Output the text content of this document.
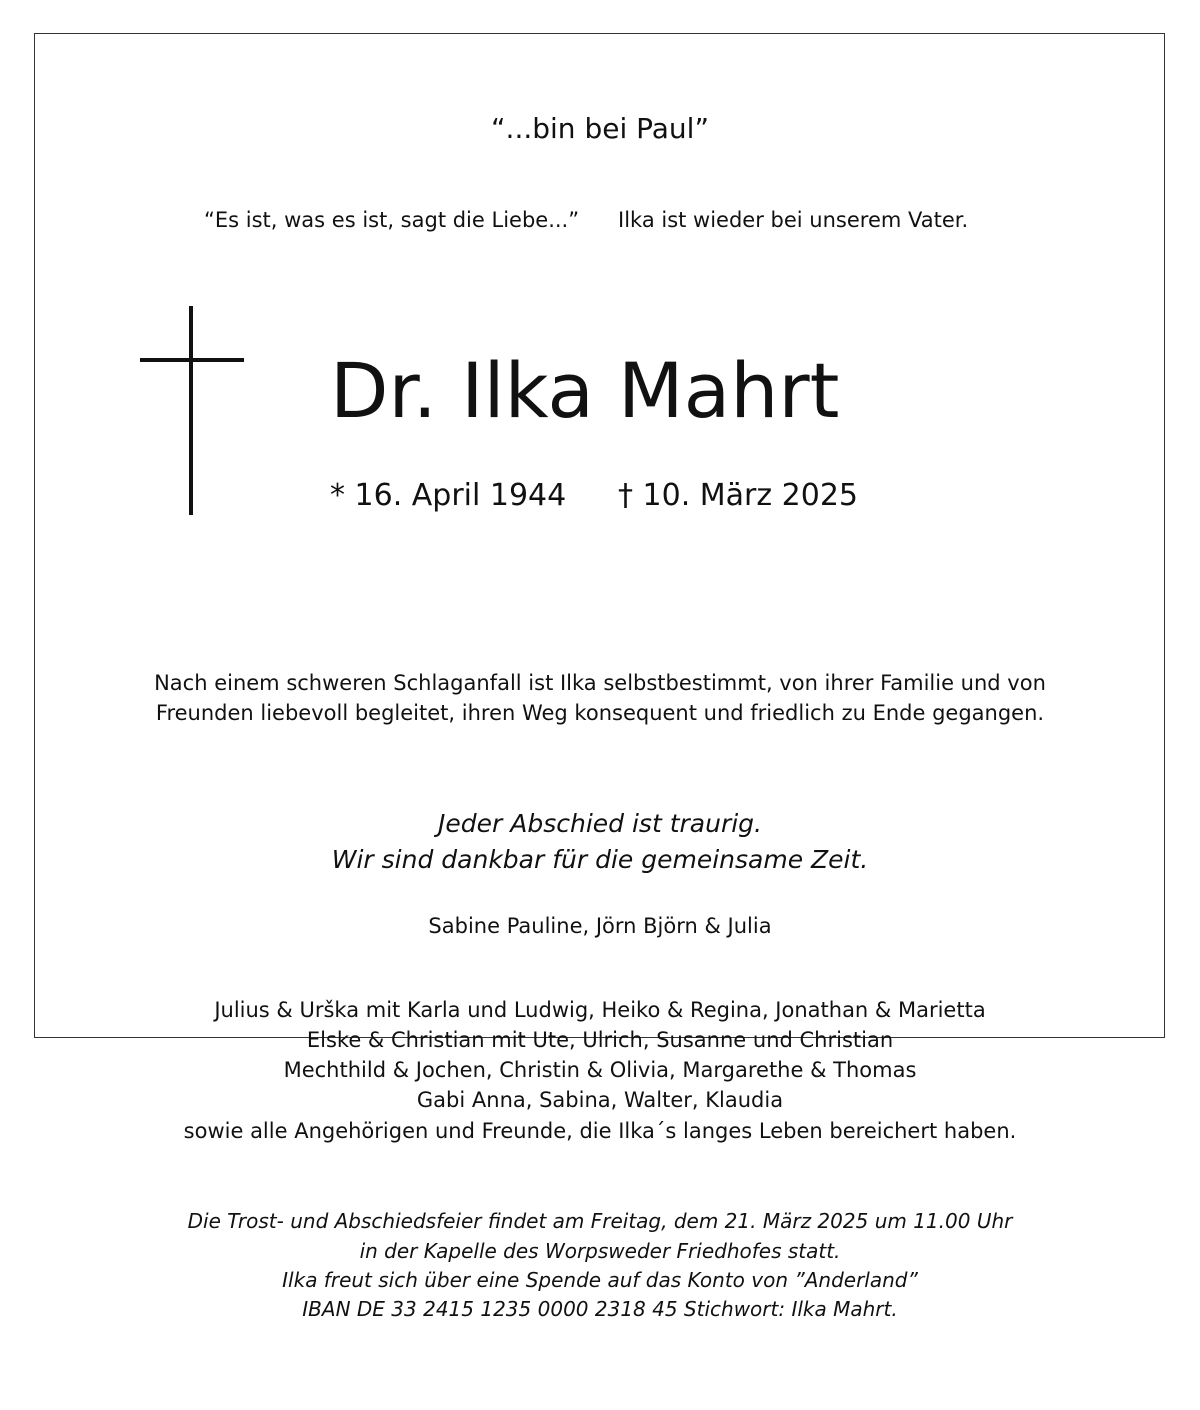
“...bin bei Paul”
“Es ist, was es ist, sagt die Liebe...” Ilka ist wieder bei unserem Vater.
Dr. Ilka Mahrt
* 16. April 1944 † 10. März 2025
Nach einem schweren Schlaganfall ist Ilka selbstbestimmt, von ihrer Familie und von
Freunden liebevoll begleitet, ihren Weg konsequent und friedlich zu Ende gegangen.
Jeder Abschied ist traurig.
Wir sind dankbar für die gemeinsame Zeit.
Sabine Pauline, Jörn Björn & Julia
Julius & Urška mit Karla und Ludwig, Heiko & Regina, Jonathan & Marietta
Elske & Christian mit Ute, Ulrich, Susanne und Christian
Mechthild & Jochen, Christin & Olivia, Margarethe & Thomas
Gabi Anna, Sabina, Walter, Klaudia
sowie alle Angehörigen und Freunde, die Ilka´s langes Leben bereichert haben.
Die Trost- und Abschiedsfeier findet am Freitag, dem 21. März 2025 um 11.00 Uhr
in der Kapelle des Worpsweder Friedhofes statt.
Ilka freut sich über eine Spende auf das Konto von ”Anderland”
IBAN DE 33 2415 1235 0000 2318 45 Stichwort: Ilka Mahrt.
